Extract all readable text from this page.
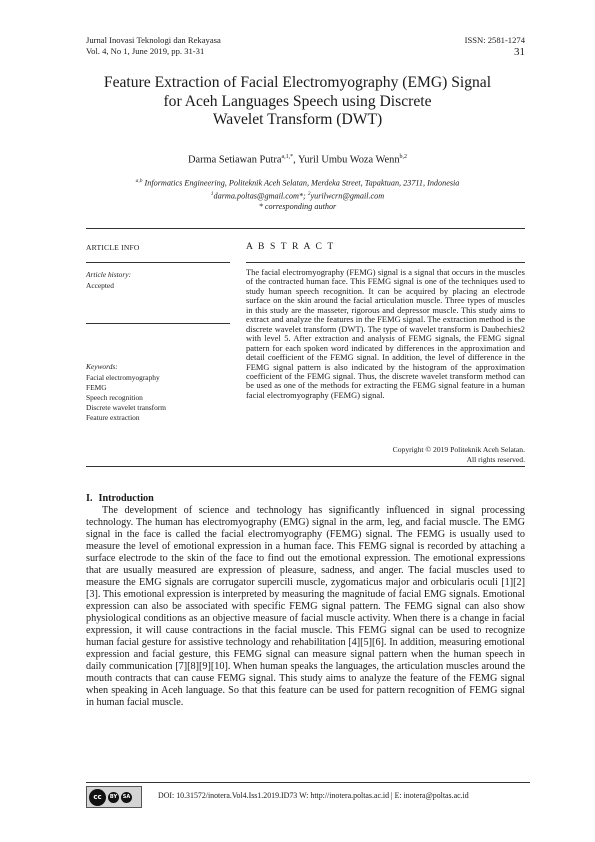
Jurnal Inovasi Teknologi dan Rekayasa
Vol. 4, No 1, June 2019, pp. 31-31
ISSN: 2581-1274
31
Feature Extraction of Facial Electromyography (EMG) Signal
for Aceh Languages Speech using Discrete
Wavelet Transform (DWT)
Darma Setiawan Putra$^{a,1,*}$, Yuril Umbu Woza Wenn$^{b,2}$
$^{a,b}$ Informatics Engineering, Politeknik Aceh Selatan, Merdeka Street, Tapaktuan, 23711, Indonesia
$^1$darma.poltas@gmail.com*; $^2$yurilwcrn@gmail.com
* corresponding author
ARTICLE INFO	A B S T R A C T
Article history:
Accepted
Keywords:
Facial electromyography
FEMG
Speech recognition
Discrete wavelet transform
Feature extraction
The facial electromyography (FEMG) signal is a signal that occurs in the muscles of the contracted human face. This FEMG signal is one of the techniques used to study human speech recognition. It can be acquired by placing an electrode surface on the skin around the facial articulation muscle. Three types of muscles in this study are the masseter, rigorous and depressor muscle. This study aims to extract and analyze the features in the FEMG signal. The extraction method is the discrete wavelet transform (DWT). The type of wavelet transform is Daubechies2 with level 5. After extraction and analysis of FEMG signals, the FEMG signal pattern for each spoken word indicated by differences in the approximation and detail coefficient of the FEMG signal. In addition, the level of difference in the FEMG signal pattern is also indicated by the histogram of the approximation coefficient of the FEMG signal. Thus, the discrete wavelet transform method can be used as one of the methods for extracting the FEMG signal feature in a human facial electromyography (FEMG) signal.
Copyright © 2019 Politeknik Aceh Selatan.
All rights reserved.
I. Introduction
The development of science and technology has significantly influenced in signal processing technology. The human has electromyography (EMG) signal in the arm, leg, and facial muscle. The EMG signal in the face is called the facial electromyography (FEMG) signal. The FEMG is usually used to measure the level of emotional expression in a human face. This FEMG signal is recorded by attaching a surface electrode to the skin of the face to find out the emotional expression. The emotional expressions that are usually measured are expression of pleasure, sadness, and anger. The facial muscles used to measure the EMG signals are corrugator supercili muscle, zygomaticus major and orbicularis oculi [1][2][3]. This emotional expression is interpreted by measuring the magnitude of facial EMG signals. Emotional expression can also be associated with specific FEMG signal pattern. The FEMG signal can also show physiological conditions as an objective measure of facial muscle activity. When there is a change in facial expression, it will cause contractions in the facial muscle. This FEMG signal can be used to recognize human facial gesture for assistive technology and rehabilitation [4][5][6]. In addition, measuring emotional expression and facial gesture, this FEMG signal can measure signal pattern when the human speech in daily communication [7][8][9][10]. When human speaks the languages, the articulation muscles around the mouth contracts that can cause FEMG signal. This study aims to analyze the feature of the FEMG signal when speaking in Aceh language. So that this feature can be used for pattern recognition of FEMG signal in human facial muscle.
cc	BY	SA	DOI: 10.31572/inotera.Vol4.Iss1.2019.ID73 W: http://inotera.poltas.ac.id | E: inotera@poltas.ac.id
